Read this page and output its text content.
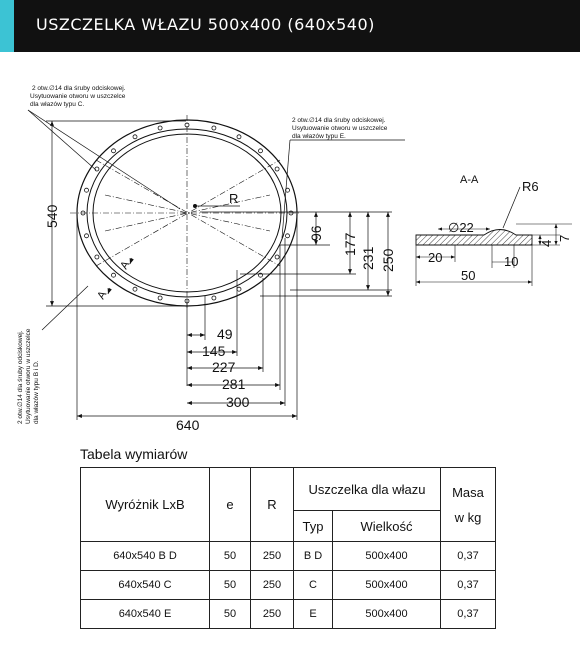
USZCZELKA WŁAZU 500x400 (640x540)
R
2 otw.∅14 dla śruby odciskowej.
Usytuowanie otworu w uszczelce
dla włazów typu C.
2 otw.∅14 dla śruby odciskowej.
Usytuowanie otworu w uszczelce
dla włazów typu E.
2 otw.∅14 dla śruby odciskowej. Usytuowanie otworu w uszczelce dla włazów typu B i D.
A
A
540
96 177
231 250
49
145
227
281
300
640
A-A	R6
∅22
20	10
4
7
50
Tabela wymiarów
Wyróżnik LxB	e	R	Uszczelka dla włazu		Masa
w kg

			Typ	Wielkość	
640x540 B D	50	250	B D	500x400	0,37
640x540 C	50	250	C	500x400	0,37
640x540 E	50	250	E	500x400	0,37
